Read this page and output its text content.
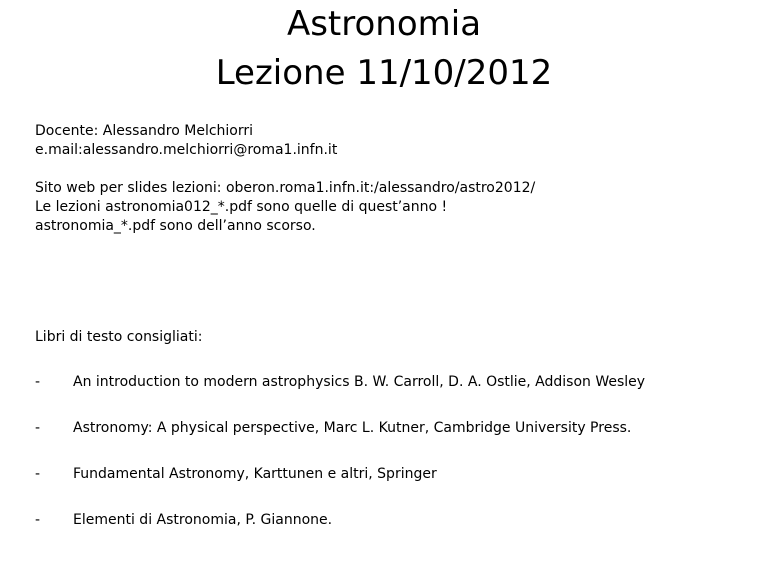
Astronomia
Lezione 11/10/2012

Docente: Alessandro Melchiorri

e.mail:alessandro.melchiorri@roma1.infn.it

Sito web per slides lezioni: oberon.roma1.infn.it:/alessandro/astro2012/

Le lezioni astronomia012_*.pdf sono quelle di quest’anno !

astronomia_*.pdf sono dell’anno scorso.

Libri di testo consigliati:
- An introduction to modern astrophysics B. W. Carroll, D. A. Ostlie, Addison Wesley
- Astronomy: A physical perspective, Marc L. Kutner, Cambridge University Press.
- Fundamental Astronomy, Karttunen e altri, Springer
- Elementi di Astronomia, P. Giannone.
